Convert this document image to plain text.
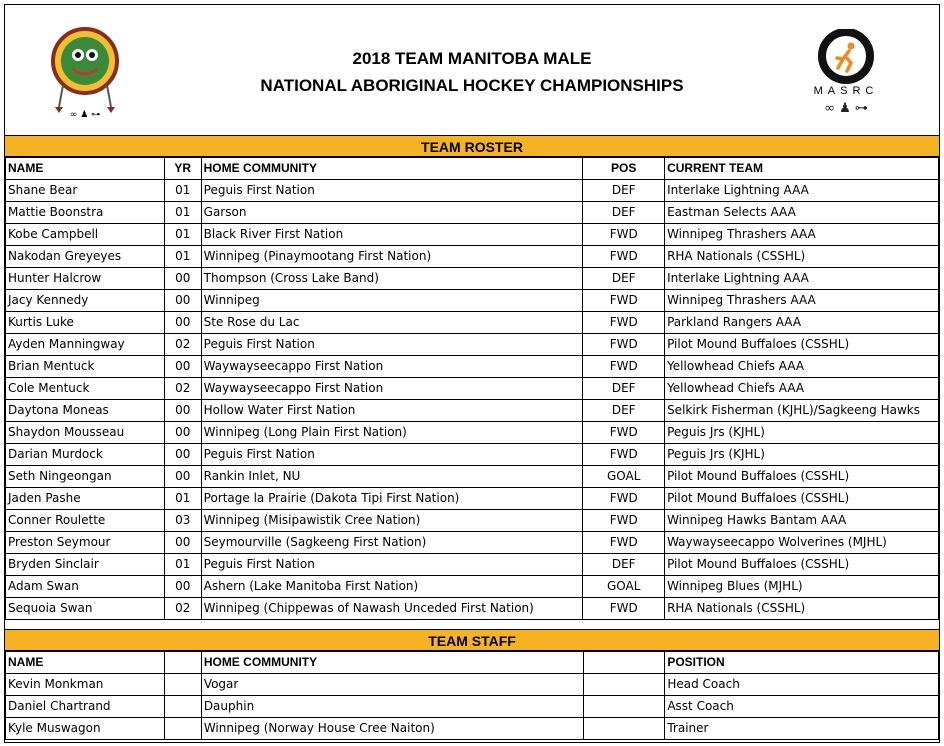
∞ ♟ ⊶
2018 TEAM MANITOBA MALE
NATIONAL ABORIGINAL HOCKEY CHAMPIONSHIPS	MASRC
∞ ♟ ⊶
TEAM ROSTER
NAME	YR	HOME COMMUNITY	POS	CURRENT TEAM
Shane Bear	01	Peguis First Nation	DEF	Interlake Lightning AAA
Mattie Boonstra	01	Garson	DEF	Eastman Selects AAA
Kobe Campbell	01	Black River First Nation	FWD	Winnipeg Thrashers AAA
Nakodan Greyeyes	01	Winnipeg (Pinaymootang First Nation)	FWD	RHA Nationals (CSSHL)
Hunter Halcrow	00	Thompson (Cross Lake Band)	DEF	Interlake Lightning AAA
Jacy Kennedy	00	Winnipeg	FWD	Winnipeg Thrashers AAA
Kurtis Luke	00	Ste Rose du Lac	FWD	Parkland Rangers AAA
Ayden Manningway	02	Peguis First Nation	FWD	Pilot Mound Buffaloes (CSSHL)
Brian Mentuck	00	Waywayseecappo First Nation	FWD	Yellowhead Chiefs AAA
Cole Mentuck	02	Waywayseecappo First Nation	DEF	Yellowhead Chiefs AAA
Daytona Moneas	00	Hollow Water First Nation	DEF	Selkirk Fisherman (KJHL)/Sagkeeng Hawks
Shaydon Mousseau	00	Winnipeg (Long Plain First Nation)	FWD	Peguis Jrs (KJHL)
Darian Murdock	00	Peguis First Nation	FWD	Peguis Jrs (KJHL)
Seth Ningeongan	00	Rankin Inlet, NU	GOAL	Pilot Mound Buffaloes (CSSHL)
Jaden Pashe	01	Portage la Prairie (Dakota Tipi First Nation)	FWD	Pilot Mound Buffaloes (CSSHL)
Conner Roulette	03	Winnipeg (Misipawistik Cree Nation)	FWD	Winnipeg Hawks Bantam AAA
Preston Seymour	00	Seymourville (Sagkeeng First Nation)	FWD	Waywayseecappo Wolverines (MJHL)
Bryden Sinclair	01	Peguis First Nation	DEF	Pilot Mound Buffaloes (CSSHL)
Adam Swan	00	Ashern (Lake Manitoba First Nation)	GOAL	Winnipeg Blues (MJHL)
Sequoia Swan	02	Winnipeg (Chippewas of Nawash Unceded First Nation)	FWD	RHA Nationals (CSSHL)
TEAM STAFF
NAME		HOME COMMUNITY		POSITION
Kevin Monkman		Vogar		Head Coach
Daniel Chartrand		Dauphin		Asst Coach
Kyle Muswagon		Winnipeg (Norway House Cree Naiton)		Trainer
